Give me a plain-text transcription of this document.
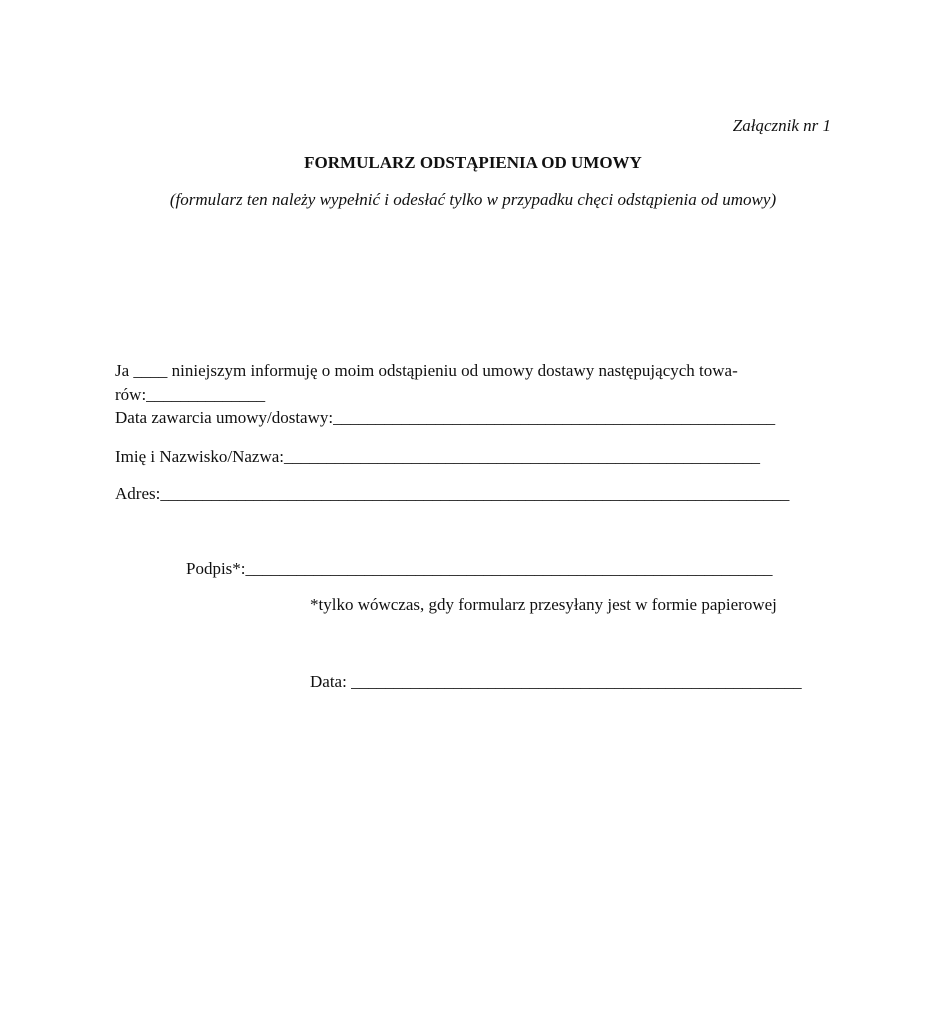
Załącznik nr 1
FORMULARZ ODSTĄPIENIA OD UMOWY
(formularz ten należy wypełnić i odesłać tylko w przypadku chęci odstąpienia od umowy)
Ja ____ niniejszym informuję o moim odstąpieniu od umowy dostawy następujących towa-
rów:______________
Data zawarcia umowy/dostawy:____________________________________________________
Imię i Nazwisko/Nazwa:________________________________________________________
Adres:__________________________________________________________________________
Podpis*:______________________________________________________________
*tylko wówczas, gdy formularz przesyłany jest w formie papierowej
Data: _____________________________________________________
